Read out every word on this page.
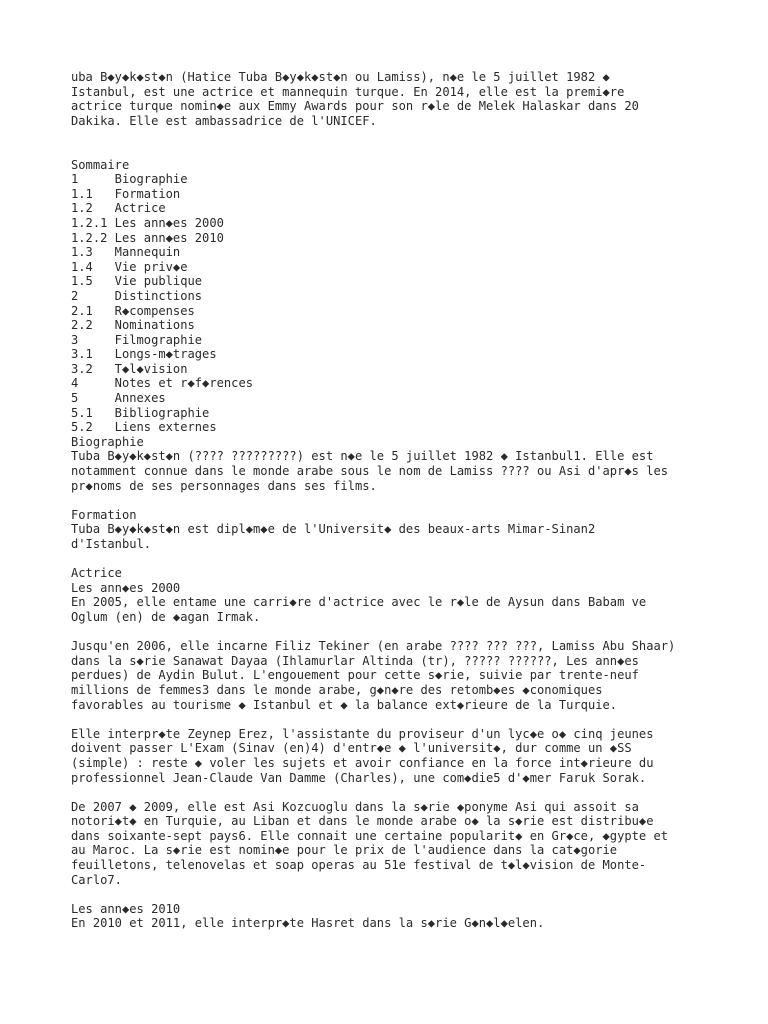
uba B◆y◆k◆st◆n (Hatice Tuba B◆y◆k◆st◆n ou Lamiss), n◆e le 5 juillet 1982 ◆
Istanbul, est une actrice et mannequin turque. En 2014, elle est la premi◆re
actrice turque nomin◆e aux Emmy Awards pour son r◆le de Melek Halaskar dans 20
Dakika. Elle est ambassadrice de l'UNICEF.
Sommaire
1	Biographie
1.1 Formation
1.2 Actrice
1.2.1 Les ann◆es 2000
1.2.2 Les ann◆es 2010
1.3 Mannequin
1.4 Vie priv◆e
1.5 Vie publique
2	Distinctions
2.1 R◆compenses
2.2 Nominations
3	Filmographie
3.1 Longs-m◆trages
3.2 T◆l◆vision
4	Notes et r◆f◆rences
5	Annexes
5.1 Bibliographie
5.2 Liens externes
Biographie
Tuba B◆y◆k◆st◆n (???? ?????????) est n◆e le 5 juillet 1982 ◆ Istanbul1. Elle est
notamment connue dans le monde arabe sous le nom de Lamiss ???? ou Asi d'apr◆s les
pr◆noms de ses personnages dans ses films.
Formation
Tuba B◆y◆k◆st◆n est dipl◆m◆e de l'Universit◆ des beaux-arts Mimar-Sinan2
d'Istanbul.
Actrice
Les ann◆es 2000
En 2005, elle entame une carri◆re d'actrice avec le r◆le de Aysun dans Babam ve
Oglum (en) de ◆agan Irmak.
Jusqu'en 2006, elle incarne Filiz Tekiner (en arabe ???? ??? ???, Lamiss Abu Shaar)
dans la s◆rie Sanawat Dayaa (Ihlamurlar Altinda (tr), ????? ??????, Les ann◆es
perdues) de Aydin Bulut. L'engouement pour cette s◆rie, suivie par trente-neuf
millions de femmes3 dans le monde arabe, g◆n◆re des retomb◆es ◆conomiques
favorables au tourisme ◆ Istanbul et ◆ la balance ext◆rieure de la Turquie.
Elle interpr◆te Zeynep Erez, l'assistante du proviseur d'un lyc◆e o◆ cinq jeunes
doivent passer L'Exam (Sinav (en)4) d'entr◆e ◆ l'universit◆, dur comme un ◆SS
(simple) : reste ◆ voler les sujets et avoir confiance en la force int◆rieure du
professionnel Jean-Claude Van Damme (Charles), une com◆die5 d'◆mer Faruk Sorak.
De 2007 ◆ 2009, elle est Asi Kozcuoglu dans la s◆rie ◆ponyme Asi qui assoit sa
notori◆t◆ en Turquie, au Liban et dans le monde arabe o◆ la s◆rie est distribu◆e
dans soixante-sept pays6. Elle connait une certaine popularit◆ en Gr◆ce, ◆gypte et
au Maroc. La s◆rie est nomin◆e pour le prix de l'audience dans la cat◆gorie
feuilletons, telenovelas et soap operas au 51e festival de t◆l◆vision de Monte-
Carlo7.
Les ann◆es 2010
En 2010 et 2011, elle interpr◆te Hasret dans la s◆rie G◆n◆l◆elen.
